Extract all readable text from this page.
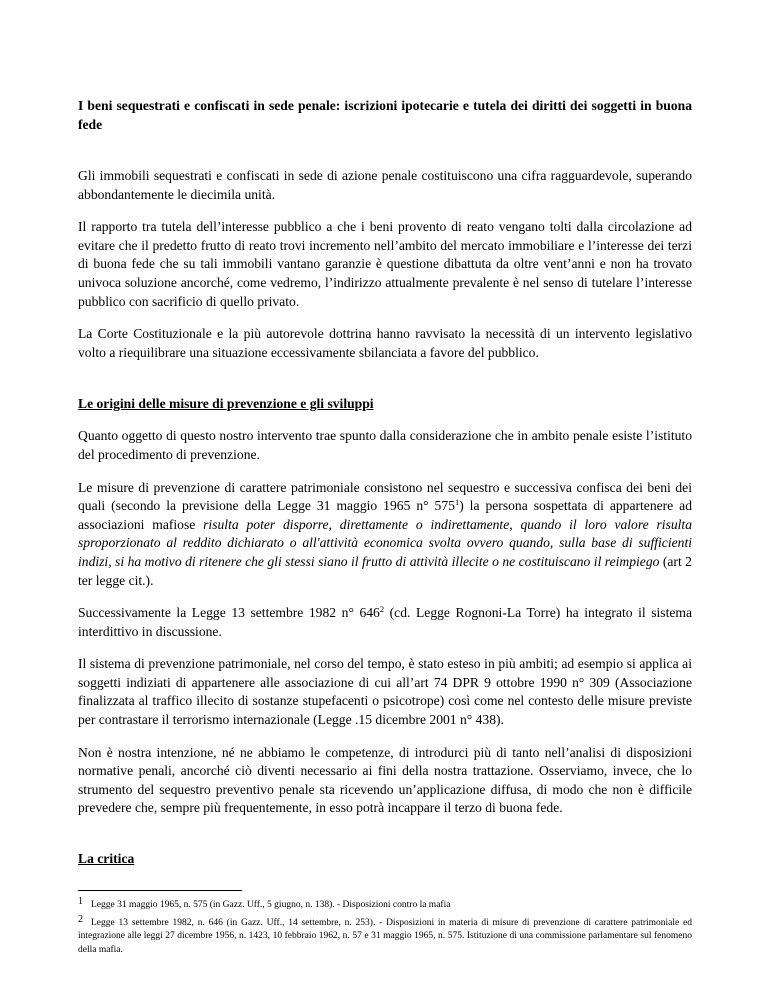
I beni sequestrati e confiscati in sede penale: iscrizioni ipotecarie e tutela dei diritti dei soggetti in buona fede

Gli immobili sequestrati e confiscati in sede di azione penale costituiscono una cifra ragguardevole, superando abbondantemente le diecimila unità.

Il rapporto tra tutela dell’interesse pubblico a che i beni provento di reato vengano tolti dalla circolazione ad evitare che il predetto frutto di reato trovi incremento nell’ambito del mercato immobiliare e l’interesse dei terzi di buona fede che su tali immobili vantano garanzie è questione dibattuta da oltre vent’anni e non ha trovato univoca soluzione ancorché, come vedremo, l’indirizzo attualmente prevalente è nel senso di tutelare l’interesse pubblico con sacrificio di quello privato.

La Corte Costituzionale e la più autorevole dottrina hanno ravvisato la necessità di un intervento legislativo volto a riequilibrare una situazione eccessivamente sbilanciata a favore del pubblico.

Le origini delle misure di prevenzione e gli sviluppi

Quanto oggetto di questo nostro intervento trae spunto dalla considerazione che in ambito penale esiste l’istituto del procedimento di prevenzione.

Le misure di prevenzione di carattere patrimoniale consistono nel sequestro e successiva confisca dei beni dei quali (secondo la previsione della Legge 31 maggio 1965 n° $575^1$) la persona sospettata di appartenere ad associazioni mafiose risulta poter disporre, direttamente o indirettamente, quando il loro valore risulta sproporzionato al reddito dichiarato o all'attività economica svolta ovvero quando, sulla base di sufficienti indizi, si ha motivo di ritenere che gli stessi siano il frutto di attività illecite o ne costituiscano il reimpiego (art 2 ter legge cit.).

Successivamente la Legge 13 settembre 1982 n° $646^2$ (cd. Legge Rognoni-La Torre) ha integrato il sistema interdittivo in discussione.

Il sistema di prevenzione patrimoniale, nel corso del tempo, è stato esteso in più ambiti; ad esempio si applica ai soggetti indiziati di appartenere alle associazione di cui all’art 74 DPR 9 ottobre 1990 n° 309 (Associazione finalizzata al traffico illecito di sostanze stupefacenti o psicotrope) così come nel contesto delle misure previste per contrastare il terrorismo internazionale (Legge .15 dicembre 2001 n° 438).

Non è nostra intenzione, né ne abbiamo le competenze, di introdurci più di tanto nell’analisi di disposizioni normative penali, ancorché ciò diventi necessario ai fini della nostra trattazione. Osserviamo, invece, che lo strumento del sequestro preventivo penale sta ricevendo un’applicazione diffusa, di modo che non è difficile prevedere che, sempre più frequentemente, in esso potrà incappare il terzo di buona fede.

La critica

1 Legge 31 maggio 1965, n. 575 (in Gazz. Uff., 5 giugno, n. 138). - Disposizioni contro la mafia

2 Legge 13 settembre 1982, n. 646 (in Gazz. Uff., 14 settembre, n. 253). - Disposizioni in materia di misure di prevenzione di carattere patrimoniale ed integrazione alle leggi 27 dicembre 1956, n. 1423, 10 febbraio 1962, n. 57 e 31 maggio 1965, n. 575. Istituzione di una commissione parlamentare sul fenomeno della mafia.
